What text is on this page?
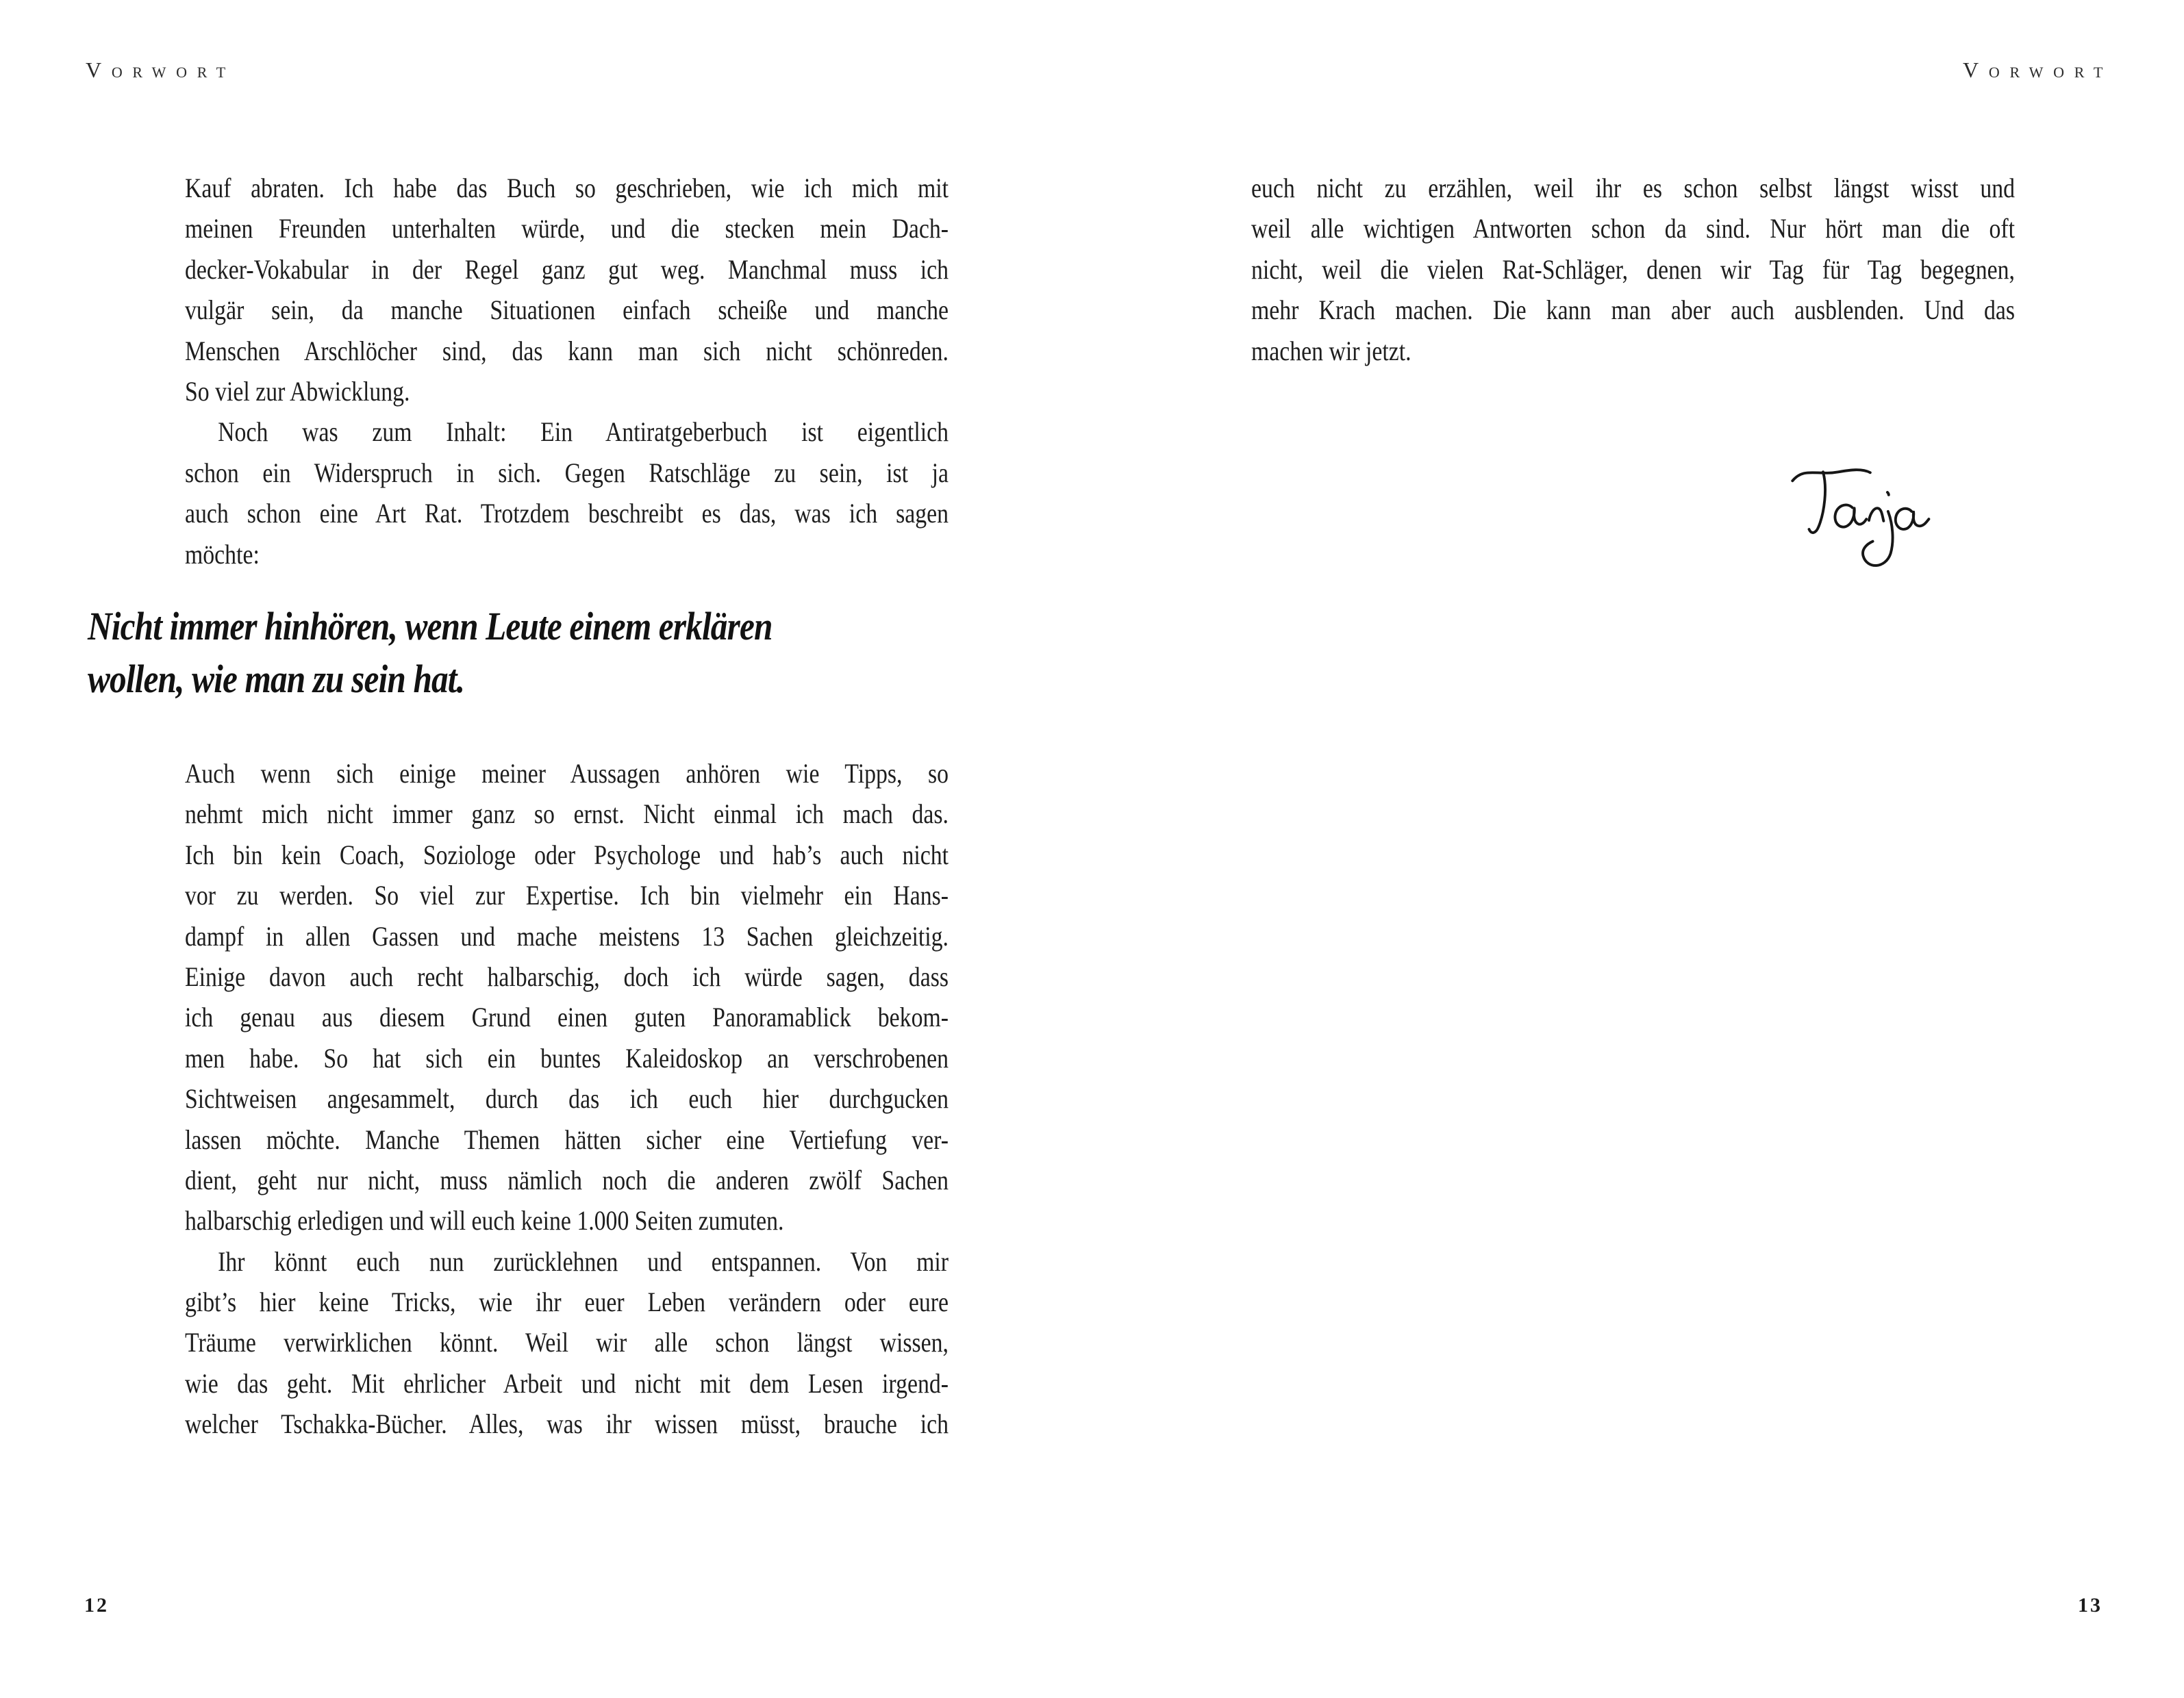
Vorwort
Kauf abraten. Ich habe das Buch so geschrieben, wie ich mich mit
meinen Freunden unterhalten würde, und die stecken mein Dach-
decker-Vokabular in der Regel ganz gut weg. Manchmal muss ich
vulgär sein, da manche Situationen einfach scheiße und manche
Menschen Arschlöcher sind, das kann man sich nicht schönreden.
So viel zur Abwicklung.
Noch was zum Inhalt: Ein Antiratgeberbuch ist eigentlich
schon ein Widerspruch in sich. Gegen Ratschläge zu sein, ist ja
auch schon eine Art Rat. Trotzdem beschreibt es das, was ich sagen
möchte:
Nicht immer hinhören, wenn Leute einem erklären
wollen, wie man zu sein hat.
Auch wenn sich einige meiner Aussagen anhören wie Tipps, so
nehmt mich nicht immer ganz so ernst. Nicht einmal ich mach das.
Ich bin kein Coach, Soziologe oder Psychologe und hab’s auch nicht
vor zu werden. So viel zur Expertise. Ich bin vielmehr ein Hans-
dampf in allen Gassen und mache meistens 13 Sachen gleichzeitig.
Einige davon auch recht halbarschig, doch ich würde sagen, dass
ich genau aus diesem Grund einen guten Panoramablick bekom-
men habe. So hat sich ein buntes Kaleidoskop an verschrobenen
Sichtweisen angesammelt, durch das ich euch hier durchgucken
lassen möchte. Manche Themen hätten sicher eine Vertiefung ver-
dient, geht nur nicht, muss nämlich noch die anderen zwölf Sachen
halbarschig erledigen und will euch keine 1.000 Seiten zumuten.
Ihr könnt euch nun zurücklehnen und entspannen. Von mir
gibt’s hier keine Tricks, wie ihr euer Leben verändern oder eure
Träume verwirklichen könnt. Weil wir alle schon längst wissen,
wie das geht. Mit ehrlicher Arbeit und nicht mit dem Lesen irgend-
welcher Tschakka-Bücher. Alles, was ihr wissen müsst, brauche ich
12
Vorwort
euch nicht zu erzählen, weil ihr es schon selbst längst wisst und
weil alle wichtigen Antworten schon da sind. Nur hört man die oft
nicht, weil die vielen Rat-Schläger, denen wir Tag für Tag begegnen,
mehr Krach machen. Die kann man aber auch ausblenden. Und das
machen wir jetzt.
13
